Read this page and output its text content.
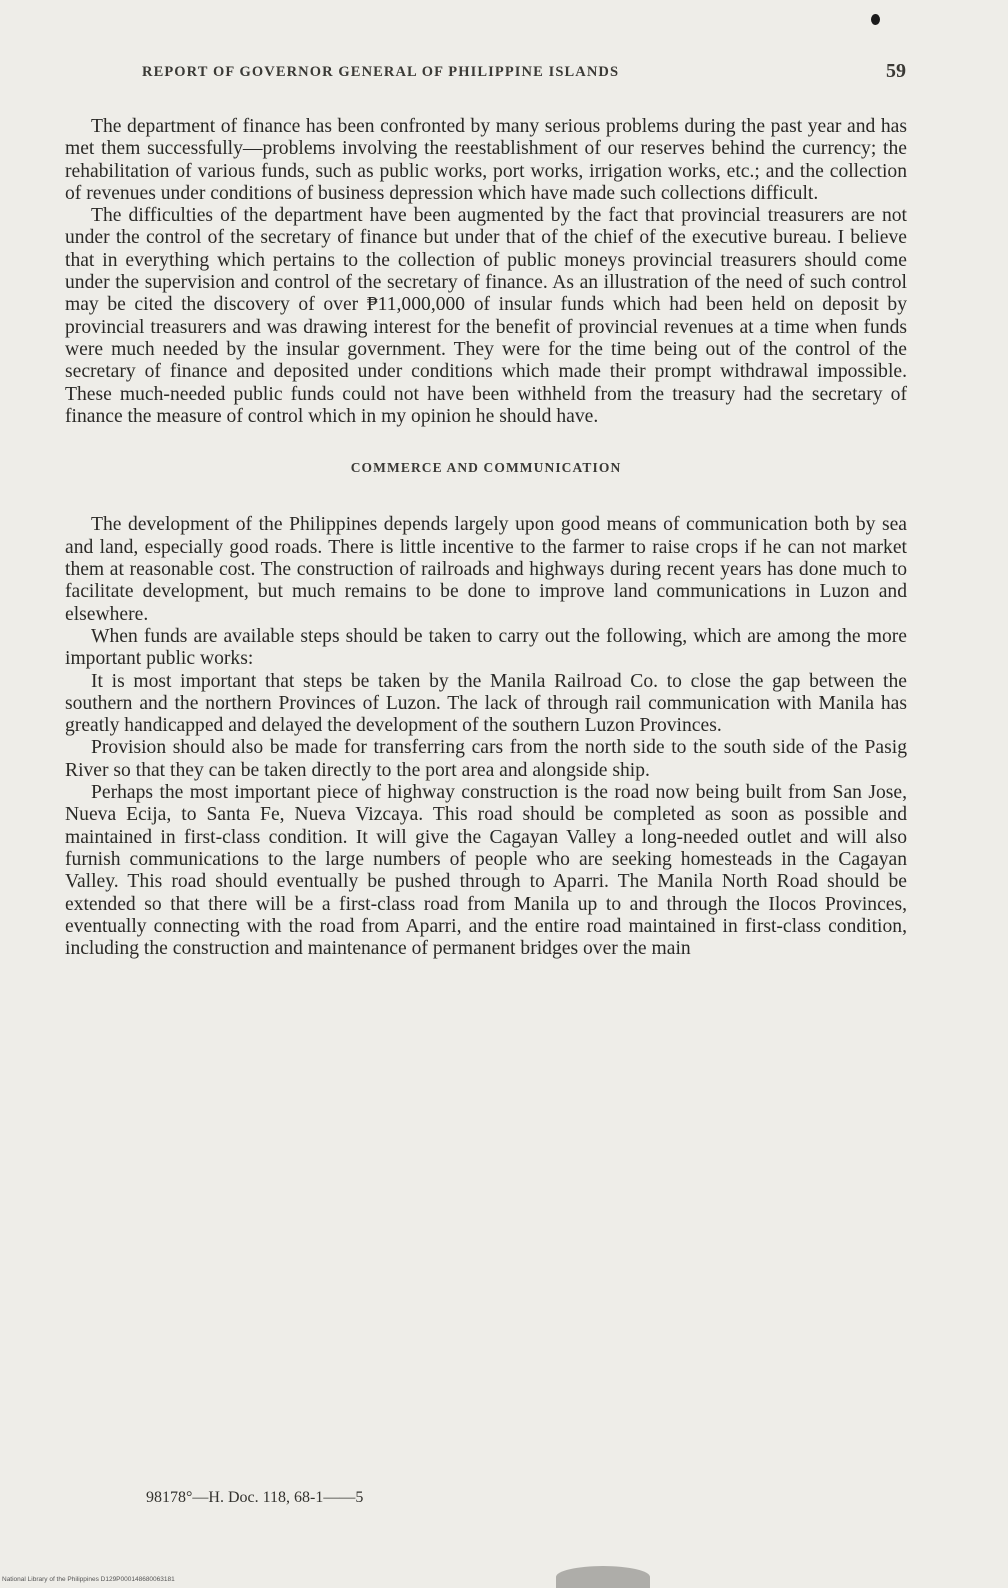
REPORT OF GOVERNOR GENERAL OF PHILIPPINE ISLANDS	59

The department of finance has been confronted by many serious problems during the past year and has met them successfully—problems involving the reestablishment of our reserves behind the currency; the rehabilitation of various funds, such as public works, port works, irrigation works, etc.; and the collection of revenues under conditions of business depression which have made such collections difficult.

The difficulties of the department have been augmented by the fact that provincial treasurers are not under the control of the secretary of finance but under that of the chief of the executive bureau. I believe that in everything which pertains to the collection of public moneys provincial treasurers should come under the supervision and control of the secretary of finance. As an illustration of the need of such control may be cited the discovery of over ₱11,000,000 of insular funds which had been held on deposit by provincial treasurers and was drawing interest for the benefit of provincial revenues at a time when funds were much needed by the insular government. They were for the time being out of the control of the secretary of finance and deposited under conditions which made their prompt withdrawal impossible. These much-needed public funds could not have been withheld from the treasury had the secretary of finance the measure of control which in my opinion he should have.

COMMERCE AND COMMUNICATION

The development of the Philippines depends largely upon good means of communication both by sea and land, especially good roads. There is little incentive to the farmer to raise crops if he can not market them at reasonable cost. The construction of railroads and highways during recent years has done much to facilitate development, but much remains to be done to improve land communications in Luzon and elsewhere.

When funds are available steps should be taken to carry out the following, which are among the more important public works:

It is most important that steps be taken by the Manila Railroad Co. to close the gap between the southern and the northern Provinces of Luzon. The lack of through rail communication with Manila has greatly handicapped and delayed the development of the southern Luzon Provinces.

Provision should also be made for transferring cars from the north side to the south side of the Pasig River so that they can be taken directly to the port area and alongside ship.

Perhaps the most important piece of highway construction is the road now being built from San Jose, Nueva Ecija, to Santa Fe, Nueva Vizcaya. This road should be completed as soon as possible and maintained in first-class condition. It will give the Cagayan Valley a long-needed outlet and will also furnish communications to the large numbers of people who are seeking homesteads in the Cagayan Valley. This road should eventually be pushed through to Aparri. The Manila North Road should be extended so that there will be a first-class road from Manila up to and through the Ilocos Provinces, eventually connecting with the road from Aparri, and the entire road maintained in first-class condition, including the construction and maintenance of permanent bridges over the main

98178°—H. Doc. 118, 68-1——5
National Library of the Philippines D129P000148680063181
